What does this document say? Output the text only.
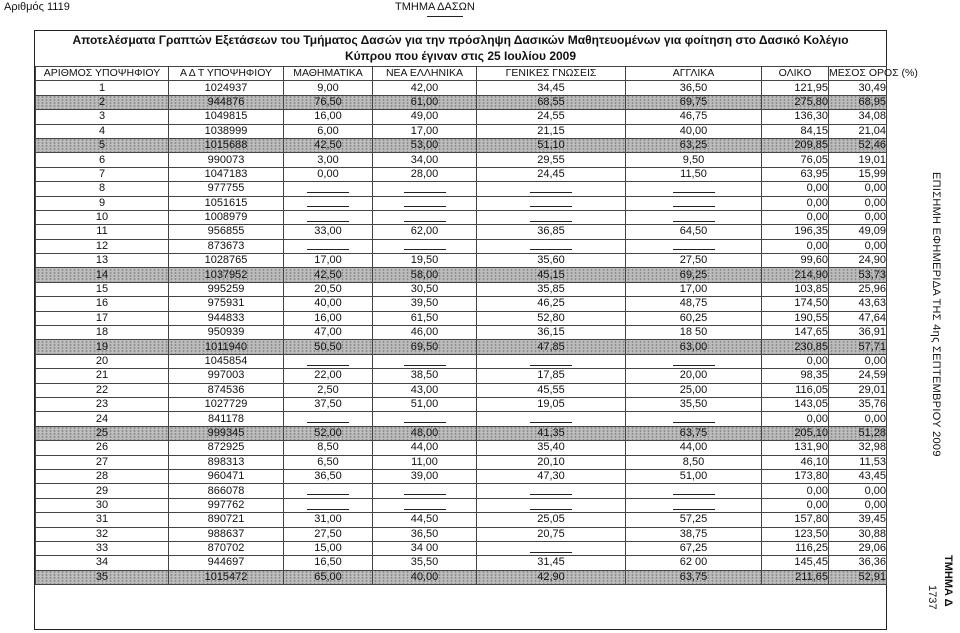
Αριθμός 1119	ΤΜΗΜΑ ΔΑΣΩΝ
ΕΠΙΣΗΜΗ ΕΦΗΜΕΡΙΔΑ ΤΗΣ 4ης ΣΕΠΤΕΜΒΡΙΟΥ 2009
ΤΜΗΜΑ Δ
1737
Αποτελέσματα Γραπτών Εξετάσεων του Τμήματος Δασών για την πρόσληψη Δασικών Μαθητευομένων για φοίτηση στο Δασικό Κολέγιο
Κύπρου που έγιναν στις 25 Ιουλίου 2009
ΑΡΙΘΜΟΣ ΥΠΟΨΗΦΙΟΥ	Α Δ Τ ΥΠΟΨΗΦΙΟΥ	ΜΑΘΗΜΑΤΙΚΑ	ΝΕΑ ΕΛΛΗΝΙΚΑ	ΓΕΝΙΚΕΣ ΓΝΩΣΕΙΣ	ΑΓΓΛΙΚΑ	ΟΛΙΚΟ	ΜΕΣΟΣ ΟΡΟΣ (%)
1	1024937	9,00	42,00	34,45	36,50	121,95	30,49
2	944876	76,50	61,00	68,55	69,75	275,80	68,95
3	1049815	16,00	49,00	24,55	46,75	136,30	34,08
4	1038999	6,00	17,00	21,15	40,00	84,15	21,04
5	1015688	42,50	53,00	51,10	63,25	209,85	52,46
6	990073	3,00	34,00	29,55	9,50	76,05	19,01
7	1047183	0,00	28,00	24,45	11,50	63,95	15,99
8	977755					0,00	0,00
9	1051615					0,00	0,00
10	1008979					0,00	0,00
11	956855	33,00	62,00	36,85	64,50	196,35	49,09
12	873673					0,00	0,00
13	1028765	17,00	19,50	35,60	27,50	99,60	24,90
14	1037952	42,50	58,00	45,15	69,25	214,90	53,73
15	995259	20,50	30,50	35,85	17,00	103,85	25,96
16	975931	40,00	39,50	46,25	48,75	174,50	43,63
17	944833	16,00	61,50	52,80	60,25	190,55	47,64
18	950939	47,00	46,00	36,15	18 50	147,65	36,91
19	1011940	50,50	69,50	47,85	63,00	230,85	57,71
20	1045854					0,00	0,00
21	997003	22,00	38,50	17,85	20,00	98,35	24,59
22	874536	2,50	43,00	45,55	25,00	116,05	29,01
23	1027729	37,50	51,00	19,05	35,50	143,05	35,76
24	841178					0,00	0,00
25	999345	52,00	48,00	41,35	63,75	205,10	51,28
26	872925	8,50	44,00	35,40	44,00	131,90	32,98
27	898313	6,50	11,00	20,10	8,50	46,10	11,53
28	960471	36,50	39,00	47,30	51,00	173,80	43,45
29	866078					0,00	0,00
30	997762					0,00	0,00
31	890721	31,00	44,50	25,05	57,25	157,80	39,45
32	988637	27,50	36,50	20,75	38,75	123,50	30,88
33	870702	15,00	34 00		67,25	116,25	29,06
34	944697	16,50	35,50	31,45	62 00	145,45	36,36
35	1015472	65,00	40,00	42,90	63,75	211,65	52,91
